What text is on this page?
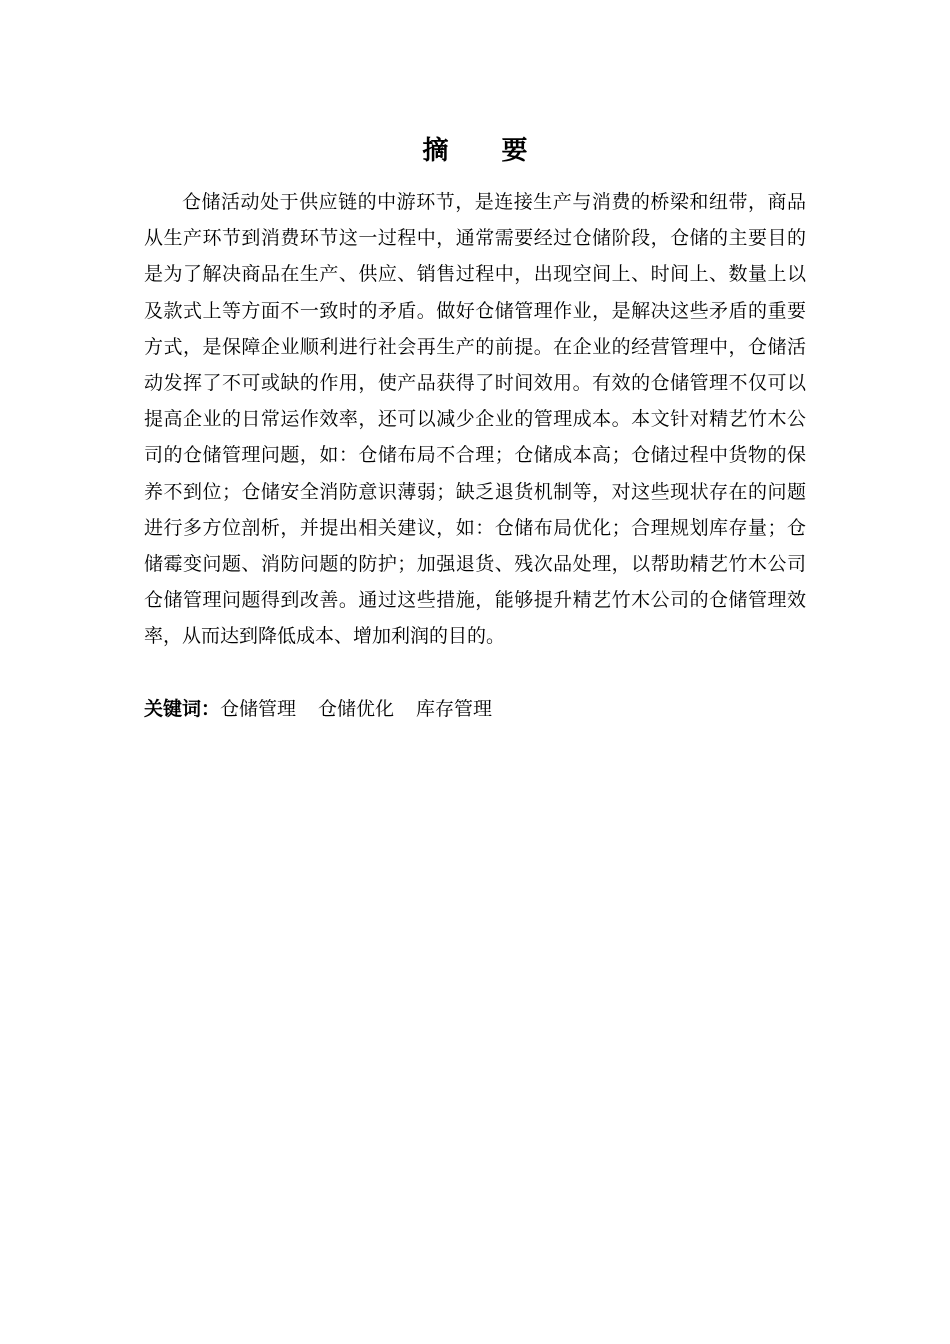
摘 要

仓储活动处于供应链的中游环节，是连接生产与消费的桥梁和纽带，商品从生产环节到消费环节这一过程中，通常需要经过仓储阶段，仓储的主要目的是为了解决商品在生产、供应、销售过程中，出现空间上、时间上、数量上以及款式上等方面不一致时的矛盾。做好仓储管理作业，是解决这些矛盾的重要方式，是保障企业顺利进行社会再生产的前提。在企业的经营管理中，仓储活动发挥了不可或缺的作用，使产品获得了时间效用。有效的仓储管理不仅可以提高企业的日常运作效率，还可以减少企业的管理成本。本文针对精艺竹木公司的仓储管理问题，如：仓储布局不合理；仓储成本高；仓储过程中货物的保养不到位；仓储安全消防意识薄弱；缺乏退货机制等，对这些现状存在的问题进行多方位剖析，并提出相关建议，如：仓储布局优化；合理规划库存量；仓储霉变问题、消防问题的防护；加强退货、残次品处理，以帮助精艺竹木公司仓储管理问题得到改善。通过这些措施，能够提升精艺竹木公司的仓储管理效率，从而达到降低成本、增加利润的目的。

关键词：仓储管理 仓储优化 库存管理
